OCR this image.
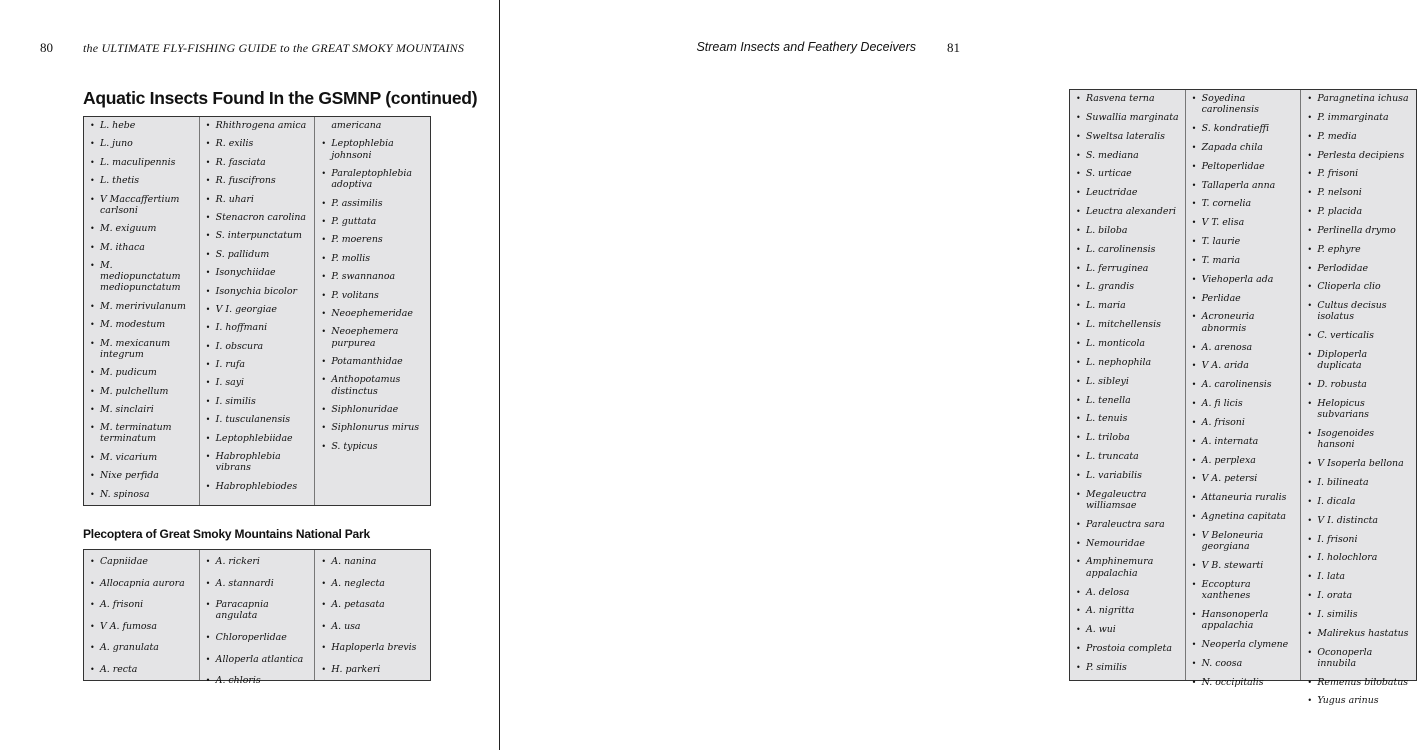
80	the ULTIMATE FLY-FISHING GUIDE to the GREAT SMOKY MOUNTAINS
Aquatic Insects Found In the GSMNP (continued)
• L. hebe
• L. juno
• L. maculipennis
• L. thetis
• V Maccaffertium carlsoni
• M. exiguum
• M. ithaca
• M. mediopunctatum mediopunctatum
• M. meririvulanum
• M. modestum
• M. mexicanum integrum
• M. pudicum
• M. pulchellum
• M. sinclairi
• M. terminatum terminatum
• M. vicarium
• Nixe perfida
• N. spinosa
• Rhithrogena amica
• R. exilis
• R. fasciata
• R. fuscifrons
• R. uhari
• Stenacron carolina
• S. interpunctatum
• S. pallidum
• Isonychiidae
• Isonychia bicolor
• V I. georgiae
• I. hoffmani
• I. obscura
• I. rufa
• I. sayi
• I. similis
• I. tusculanensis
• Leptophlebiidae
• Habrophlebia vibrans
• Habrophlebiodes
americana
• Leptophlebia johnsoni
• Paraleptophlebia adoptiva
• P. assimilis
• P. guttata
• P. moerens
• P. mollis
• P. swannanoa
• P. volitans
• Neoephemeridae
• Neoephemera purpurea
• Potamanthidae
• Anthopotamus distinctus
• Siphlonuridae
• Siphlonurus mirus
• S. typicus
Plecoptera of Great Smoky Mountains National Park
• Capniidae
• Allocapnia aurora
• A. frisoni
• V A. fumosa
• A. granulata
• A. recta
• A. rickeri
• A. stannardi
• Paracapnia angulata
• Chloroperlidae
• Alloperla atlantica
• A. chloris
• A. nanina
• A. neglecta
• A. petasata
• A. usa
• Haploperla brevis
• H. parkeri
Stream Insects and Feathery Deceivers 81
• Rasvena terna
• Suwallia marginata
• Sweltsa lateralis
• S. mediana
• S. urticae
• Leuctridae
• Leuctra alexanderi
• L. biloba
• L. carolinensis
• L. ferruginea
• L. grandis
• L. maria
• L. mitchellensis
• L. monticola
• L. nephophila
• L. sibleyi
• L. tenella
• L. tenuis
• L. triloba
• L. truncata
• L. variabilis
• Megaleuctra williamsae
• Paraleuctra sara
• Nemouridae
• Amphinemura appalachia
• A. delosa
• A. nigritta
• A. wui
• Prostoia completa
• P. similis
• Soyedina carolinensis
• S. kondratieffi
• Zapada chila
• Peltoperlidae
• Tallaperla anna
• T. cornelia
• V T. elisa
• T. laurie
• T. maria
• Viehoperla ada
• Perlidae
• Acroneuria abnormis
• A. arenosa
• V A. arida
• A. carolinensis
• A. fi licis
• A. frisoni
• A. internata
• A. perplexa
• V A. petersi
• Attaneuria ruralis
• Agnetina capitata
• V Beloneuria georgiana
• V B. stewarti
• Eccoptura xanthenes
• Hansonoperla appalachia
• Neoperla clymene
• N. coosa
• N. occipitalis
• Paragnetina ichusa
• P. immarginata
• P. media
• Perlesta decipiens
• P. frisoni
• P. nelsoni
• P. placida
• Perlinella drymo
• P. ephyre
• Perlodidae
• Clioperla clio
• Cultus decisus isolatus
• C. verticalis
• Diploperla duplicata
• D. robusta
• Helopicus subvarians
• Isogenoides hansoni
• V Isoperla bellona
• I. bilineata
• I. dicala
• V I. distincta
• I. frisoni
• I. holochlora
• I. lata
• I. orata
• I. similis
• Malirekus hastatus
• Oconoperla innubila
• Remenus bilobatus
• Yugus arinus
